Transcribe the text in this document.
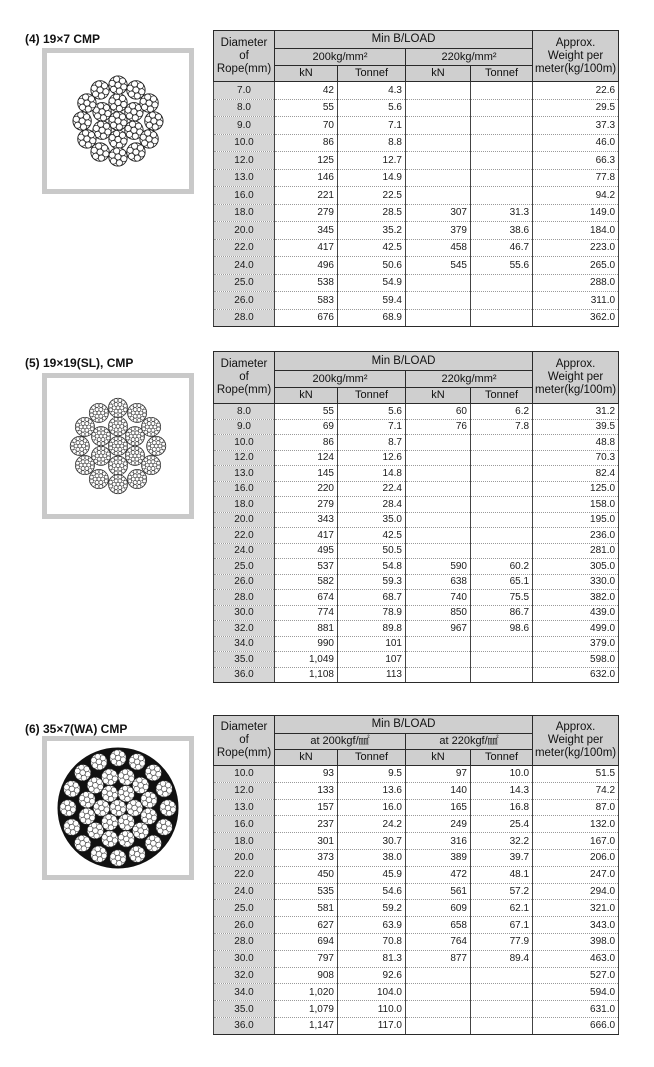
(4) 19×7 CMP	Diameter
of
Rope(mm)	Min B/LOAD				Approx.
Weight per
meter(kg/100m)
	200kg/mm²		220kg/mm²		
	kN	Tonnef	kN	Tonnef	
7.0	42	4.3			22.6
8.0	55	5.6			29.5
9.0	70	7.1			37.3
10.0	86	8.8			46.0
12.0	125	12.7			66.3
13.0	146	14.9			77.8
16.0	221	22.5			94.2
18.0	279	28.5	307	31.3	149.0
20.0	345	35.2	379	38.6	184.0
22.0	417	42.5	458	46.7	223.0
24.0	496	50.6	545	55.6	265.0
25.0	538	54.9			288.0
26.0	583	59.4			311.0
28.0	676	68.9			362.0
(5) 19×19(SL), CMP	Diameter
of
Rope(mm)	Min B/LOAD				Approx.
Weight per
meter(kg/100m)
	200kg/mm²		220kg/mm²		
	kN	Tonnef	kN	Tonnef	
8.0	55	5.6	60	6.2	31.2
9.0	69	7.1	76	7.8	39.5
10.0	86	8.7			48.8
12.0	124	12.6			70.3
13.0	145	14.8			82.4
16.0	220	22.4			125.0
18.0	279	28.4			158.0
20.0	343	35.0			195.0
22.0	417	42.5			236.0
24.0	495	50.5			281.0
25.0	537	54.8	590	60.2	305.0
26.0	582	59.3	638	65.1	330.0
28.0	674	68.7	740	75.5	382.0
30.0	774	78.9	850	86.7	439.0
32.0	881	89.8	967	98.6	499.0
34.0	990	101			379.0
35.0	1,049	107			598.0
36.0	1,108	113			632.0
(6) 35×7(WA) CMP	Diameter
of
Rope(mm)	Min B/LOAD				Approx.
Weight per
meter(kg/100m)
	at 200kgf/㎟		at 220kgf/㎟		
	kN	Tonnef	kN	Tonnef	
10.0	93	9.5	97	10.0	51.5
12.0	133	13.6	140	14.3	74.2
13.0	157	16.0	165	16.8	87.0
16.0	237	24.2	249	25.4	132.0
18.0	301	30.7	316	32.2	167.0
20.0	373	38.0	389	39.7	206.0
22.0	450	45.9	472	48.1	247.0
24.0	535	54.6	561	57.2	294.0
25.0	581	59.2	609	62.1	321.0
26.0	627	63.9	658	67.1	343.0
28.0	694	70.8	764	77.9	398.0
30.0	797	81.3	877	89.4	463.0
32.0	908	92.6			527.0
34.0	1,020	104.0			594.0
35.0	1,079	110.0			631.0
36.0	1,147	117.0			666.0
